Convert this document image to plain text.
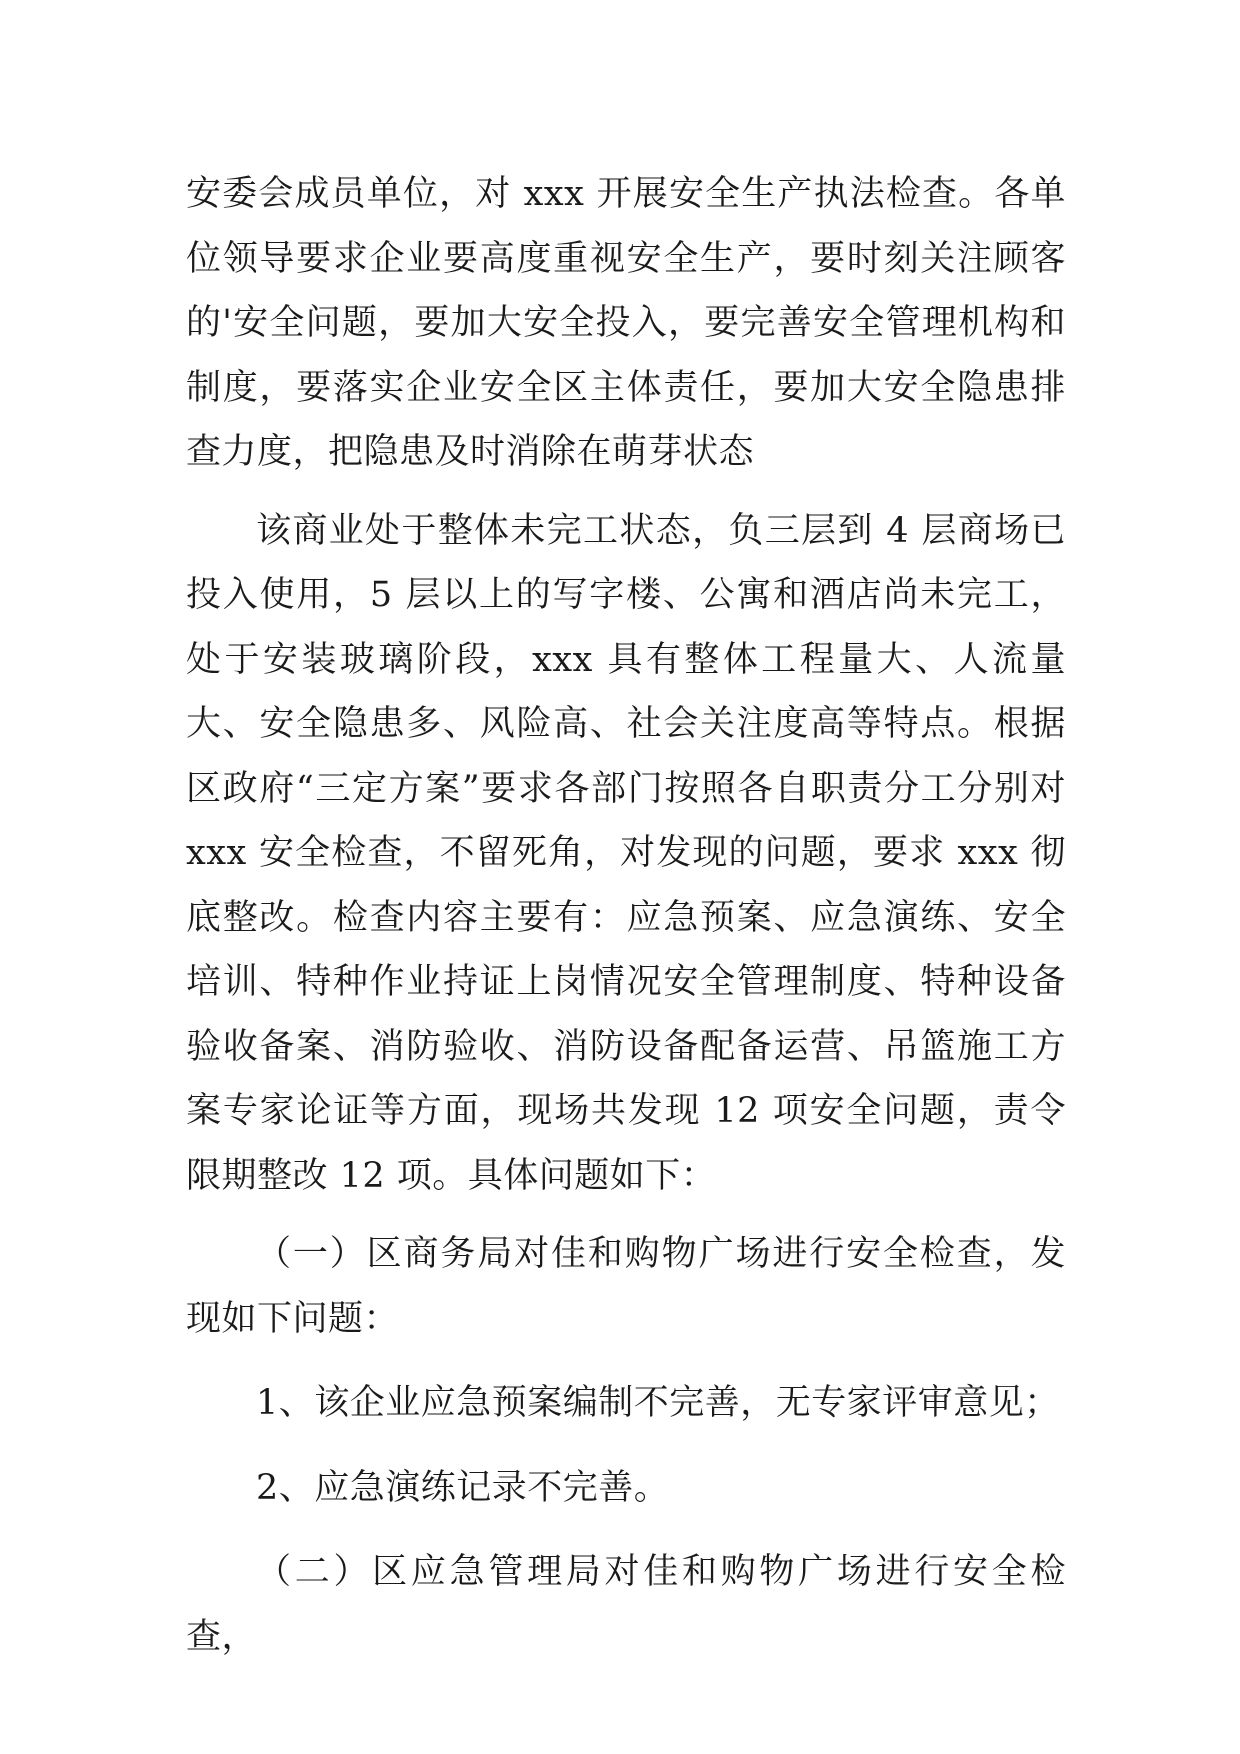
安委会成员单位，对 xxx 开展安全生产执法检查。各单位领导要求企业要高度重视安全生产，要时刻关注顾客的'安全问题，要加大安全投入，要完善安全管理机构和制度，要落实企业安全区主体责任，要加大安全隐患排查力度，把隐患及时消除在萌芽状态

该商业处于整体未完工状态，负三层到 4 层商场已投入使用，5 层以上的写字楼、公寓和酒店尚未完工，处于安装玻璃阶段，xxx 具有整体工程量大、人流量大、安全隐患多、风险高、社会关注度高等特点。根据区政府“三定方案”要求各部门按照各自职责分工分别对 xxx 安全检查，不留死角，对发现的问题，要求 xxx 彻底整改。检查内容主要有：应急预案、应急演练、安全培训、特种作业持证上岗情况安全管理制度、特种设备验收备案、消防验收、消防设备配备运营、吊篮施工方案专家论证等方面，现场共发现 12 项安全问题，责令限期整改 12 项。具体问题如下：

（一）区商务局对佳和购物广场进行安全检查，发现如下问题：

1、该企业应急预案编制不完善，无专家评审意见；

2、应急演练记录不完善。

（二）区应急管理局对佳和购物广场进行安全检查，
